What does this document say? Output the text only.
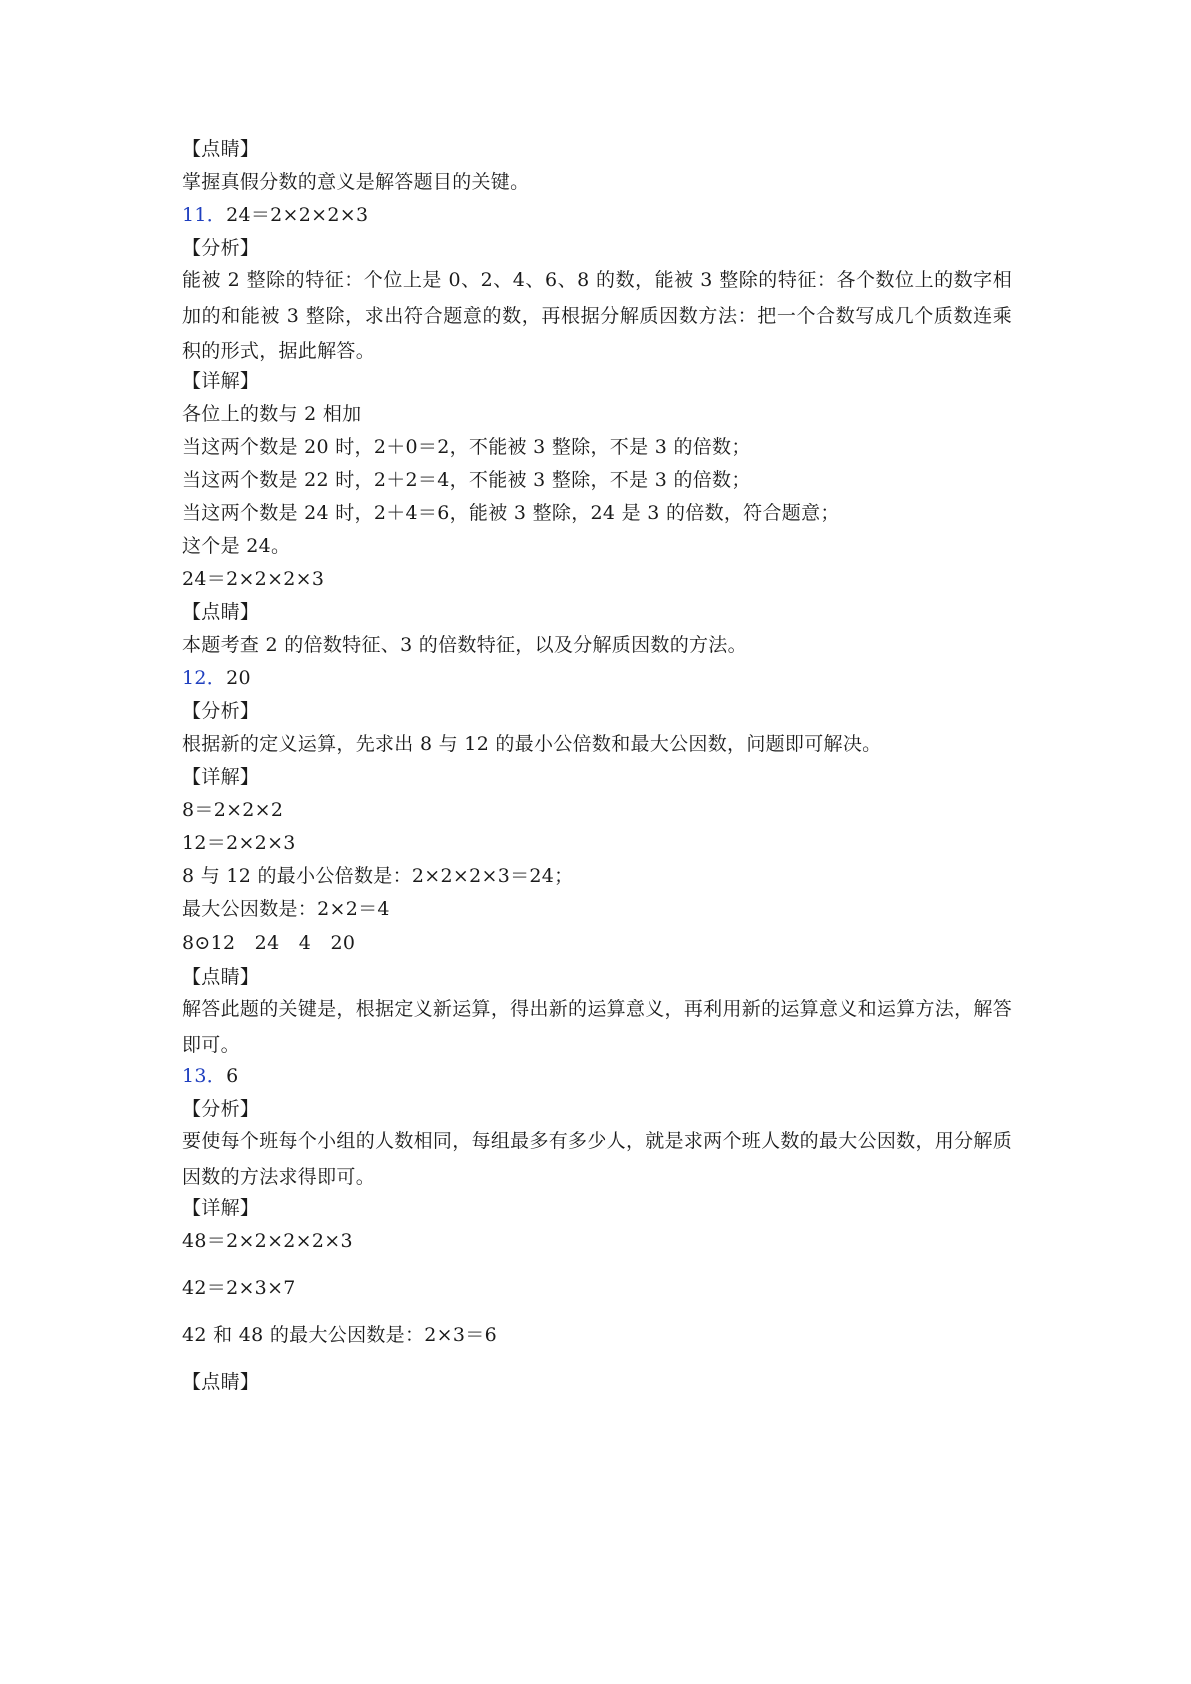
【点睛】
掌握真假分数的意义是解答题目的关键。
11．24＝2×2×2×3
【分析】
能被 2 整除的特征：个位上是 0、2、4、6、8 的数，能被 3 整除的特征：各个数位上的数字相加的和能被 3 整除，求出符合题意的数，再根据分解质因数方法：把一个合数写成几个质数连乘积的形式，据此解答。
【详解】
各位上的数与 2 相加
当这两个数是 20 时，2＋0＝2，不能被 3 整除，不是 3 的倍数；
当这两个数是 22 时，2＋2＝4，不能被 3 整除，不是 3 的倍数；
当这两个数是 24 时，2＋4＝6，能被 3 整除，24 是 3 的倍数，符合题意；
这个是 24。
24＝2×2×2×3
【点睛】
本题考查 2 的倍数特征、3 的倍数特征，以及分解质因数的方法。
12．20
【分析】
根据新的定义运算，先求出 8 与 12 的最小公倍数和最大公因数，问题即可解决。
【详解】
8＝2×2×2
12＝2×2×3
8 与 12 的最小公倍数是：2×2×2×3＝24；
最大公因数是：2×2＝4
8⊙12　24　4　20
【点睛】
解答此题的关键是，根据定义新运算，得出新的运算意义，再利用新的运算意义和运算方法，解答即可。
13．6
【分析】
要使每个班每个小组的人数相同，每组最多有多少人，就是求两个班人数的最大公因数，用分解质因数的方法求得即可。
【详解】
48＝2×2×2×2×3
42＝2×3×7
42 和 48 的最大公因数是：2×3＝6
【点睛】
